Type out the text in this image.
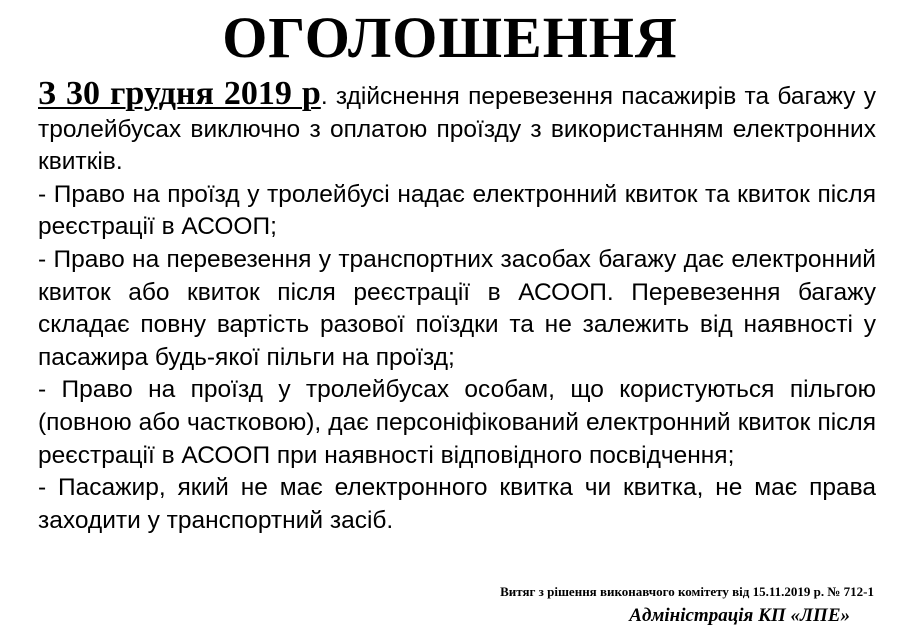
ОГОЛОШЕННЯ

З 30 грудня 2019 р. здійснення перевезення пасажирів та багажу у тролейбусах виключно з оплатою проїзду з використанням електронних квитків.

- Право на проїзд у тролейбусі надає електронний квиток та квиток після реєстрації в АСООП;

- Право на перевезення у транспортних засобах багажу дає електронний квиток або квиток після реєстрації в АСООП. Перевезення багажу складає повну вартість разової поїздки та не залежить від наявності у пасажира будь-якої пільги на проїзд;

- Право на проїзд у тролейбусах особам, що користуються пільгою (повною або частковою), дає персоніфікований електронний квиток після реєстрації в АСООП при наявності відповідного посвідчення;

- Пасажир, який не має електронного квитка чи квитка, не має права заходити у транспортний засіб.

Витяг з рішення виконавчого комітету від 15.11.2019 р. № 712-1
Адміністрація КП «ЛПЕ»
